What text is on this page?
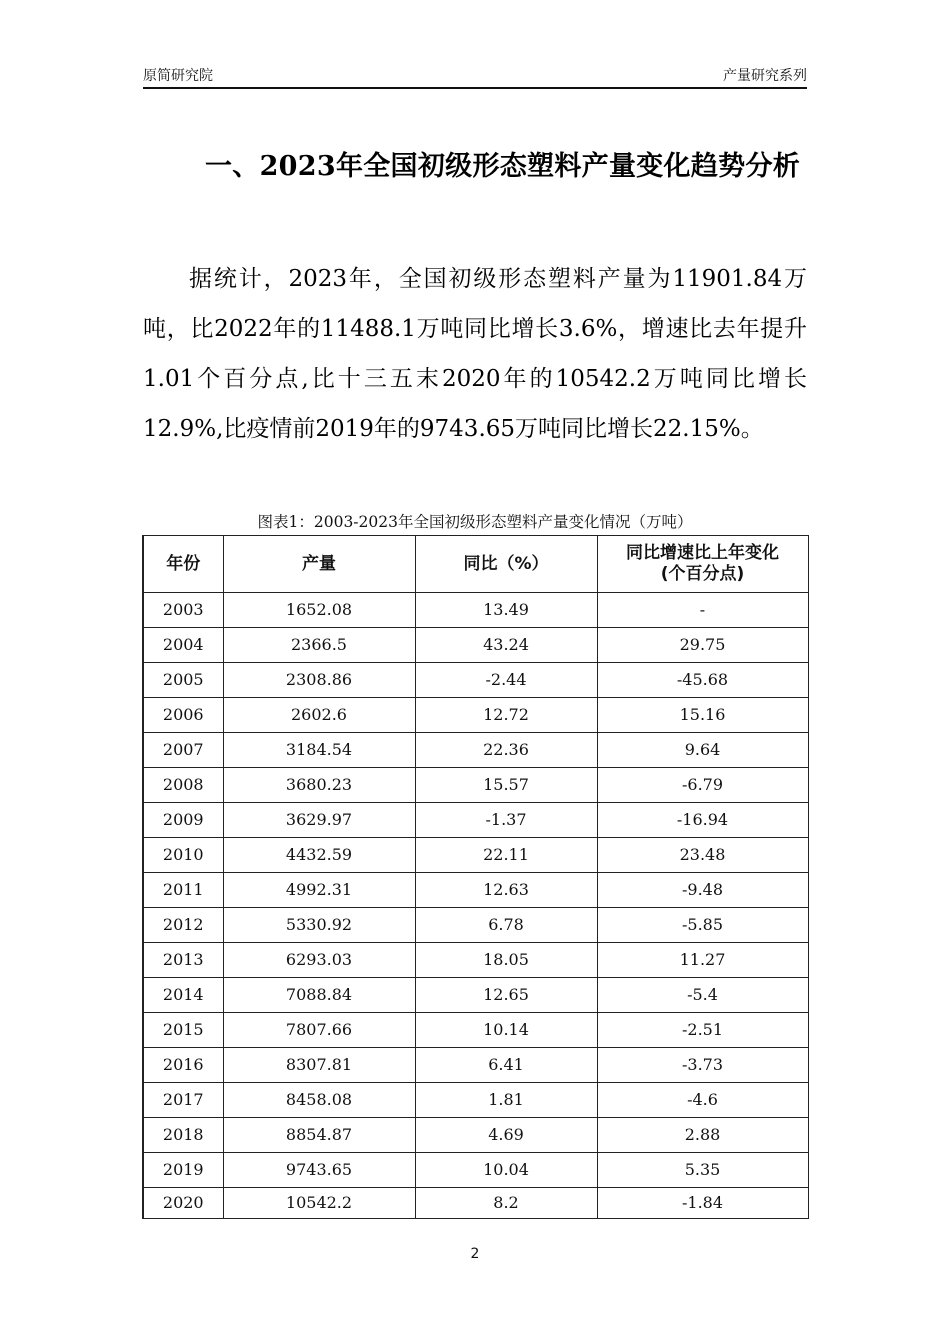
原简研究院	产量研究系列
一、2023年全国初级形态塑料产量变化趋势分析

据统计，2023年，全国初级形态塑料产量为11901.84万吨，比2022年的11488.1万吨同比增长3.6%，增速比去年提升1.01个百分点,比十三五末2020年的10542.2万吨同比增长12.9%,比疫情前2019年的9743.65万吨同比增长22.15%。

图表1：2003-2023年全国初级形态塑料产量变化情况（万吨）
年份	产量	同比（%）	同比增速比上年变化
(个百分点)

2003	1652.08	13.49	-
2004	2366.5	43.24	29.75
2005	2308.86	-2.44	-45.68
2006	2602.6	12.72	15.16
2007	3184.54	22.36	9.64
2008	3680.23	15.57	-6.79
2009	3629.97	-1.37	-16.94
2010	4432.59	22.11	23.48
2011	4992.31	12.63	-9.48
2012	5330.92	6.78	-5.85
2013	6293.03	18.05	11.27
2014	7088.84	12.65	-5.4
2015	7807.66	10.14	-2.51
2016	8307.81	6.41	-3.73
2017	8458.08	1.81	-4.6
2018	8854.87	4.69	2.88
2019	9743.65	10.04	5.35
2020	10542.2	8.2	-1.84
2
